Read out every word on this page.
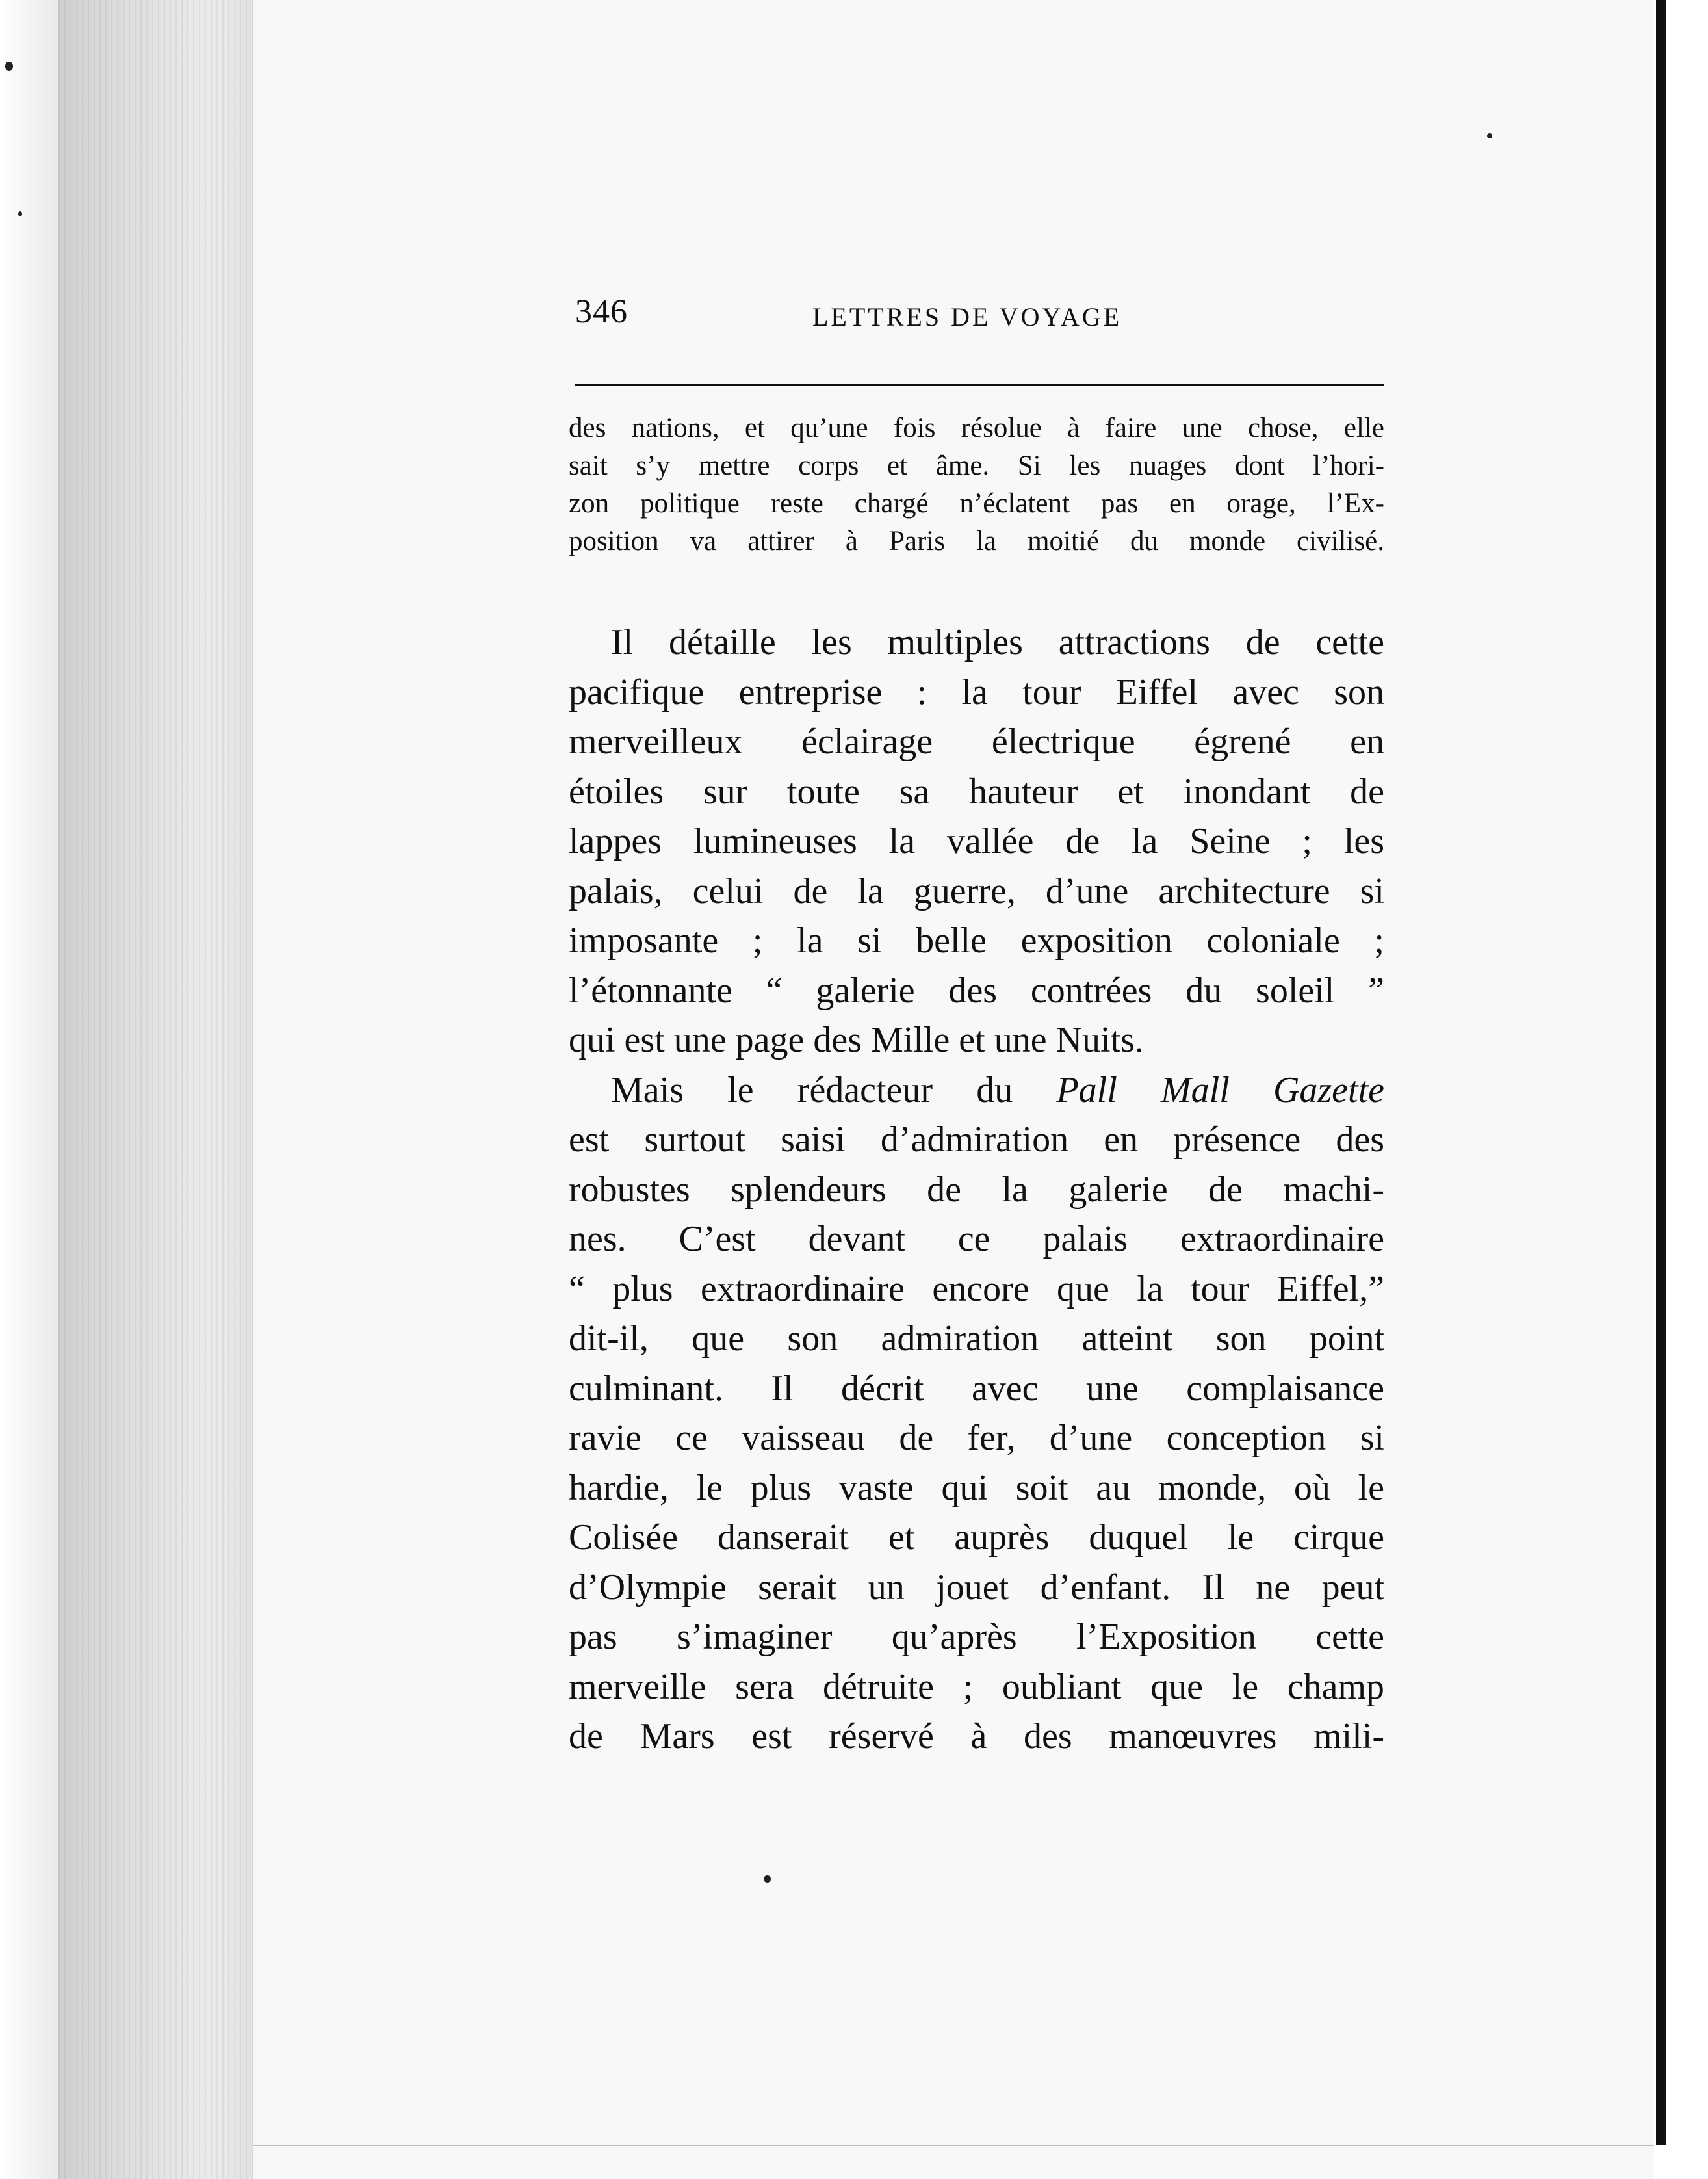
346	LETTRES DE VOYAGE
des nations, et qu’une fois résolue à faire une chose, elle
sait s’y mettre corps et âme. Si les nuages dont l’hori-
zon politique reste chargé n’éclatent pas en orage, l’Ex-
position va attirer à Paris la moitié du monde civilisé.
Il détaille les multiples attractions de cette
pacifique entreprise : la tour Eiffel avec son
merveilleux éclairage électrique égrené en
étoiles sur toute sa hauteur et inondant de
lappes lumineuses la vallée de la Seine ; les
palais, celui de la guerre, d’une architecture si
imposante ; la si belle exposition coloniale ;
l’étonnante “ galerie des contrées du soleil ”
qui est une page des Mille et une Nuits.
Mais le rédacteur du Pall Mall Gazette
est surtout saisi d’admiration en présence des
robustes splendeurs de la galerie de machi-
nes. C’est devant ce palais extraordinaire
“ plus extraordinaire encore que la tour Eiffel,”
dit-il, que son admiration atteint son point
culminant. Il décrit avec une complaisance
ravie ce vaisseau de fer, d’une conception si
hardie, le plus vaste qui soit au monde, où le
Colisée danserait et auprès duquel le cirque
d’Olympie serait un jouet d’enfant. Il ne peut
pas s’imaginer qu’après l’Exposition cette
merveille sera détruite ; oubliant que le champ
de Mars est réservé à des manœuvres mili-
